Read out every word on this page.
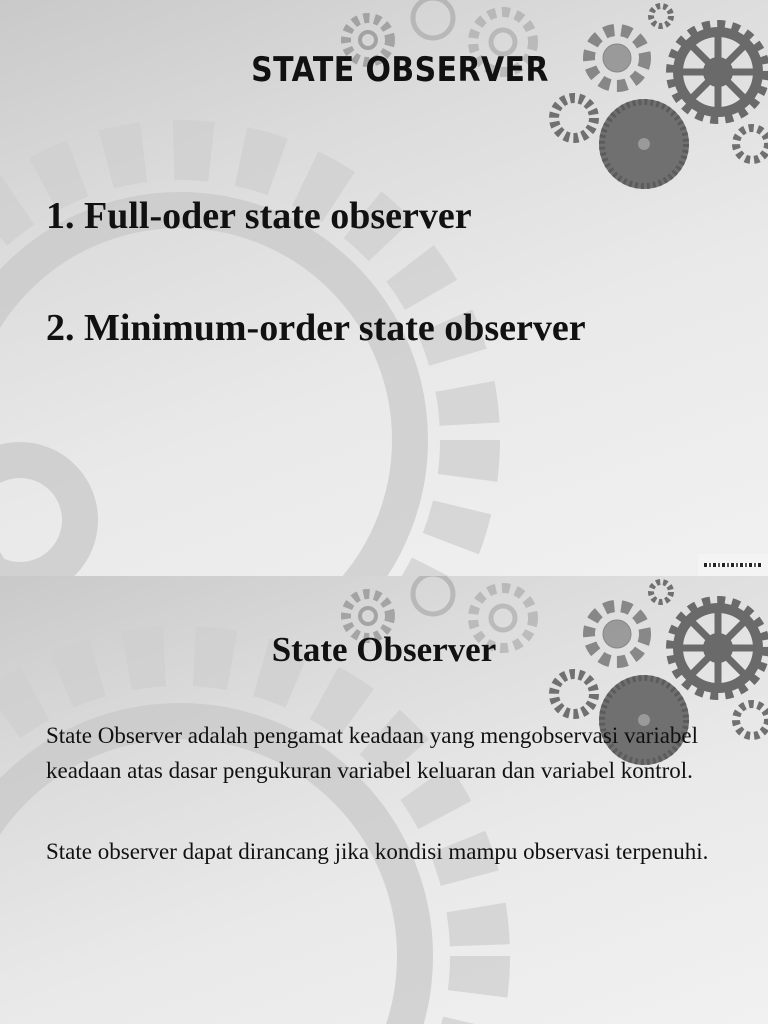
STATE OBSERVER
1. Full-oder state observer
2. Minimum-order state observer
State Observer
State Observer adalah pengamat keadaan yang mengobservasi variabel keadaan atas dasar pengukuran variabel keluaran dan variabel kontrol.
State observer dapat dirancang jika kondisi mampu observasi terpenuhi.
